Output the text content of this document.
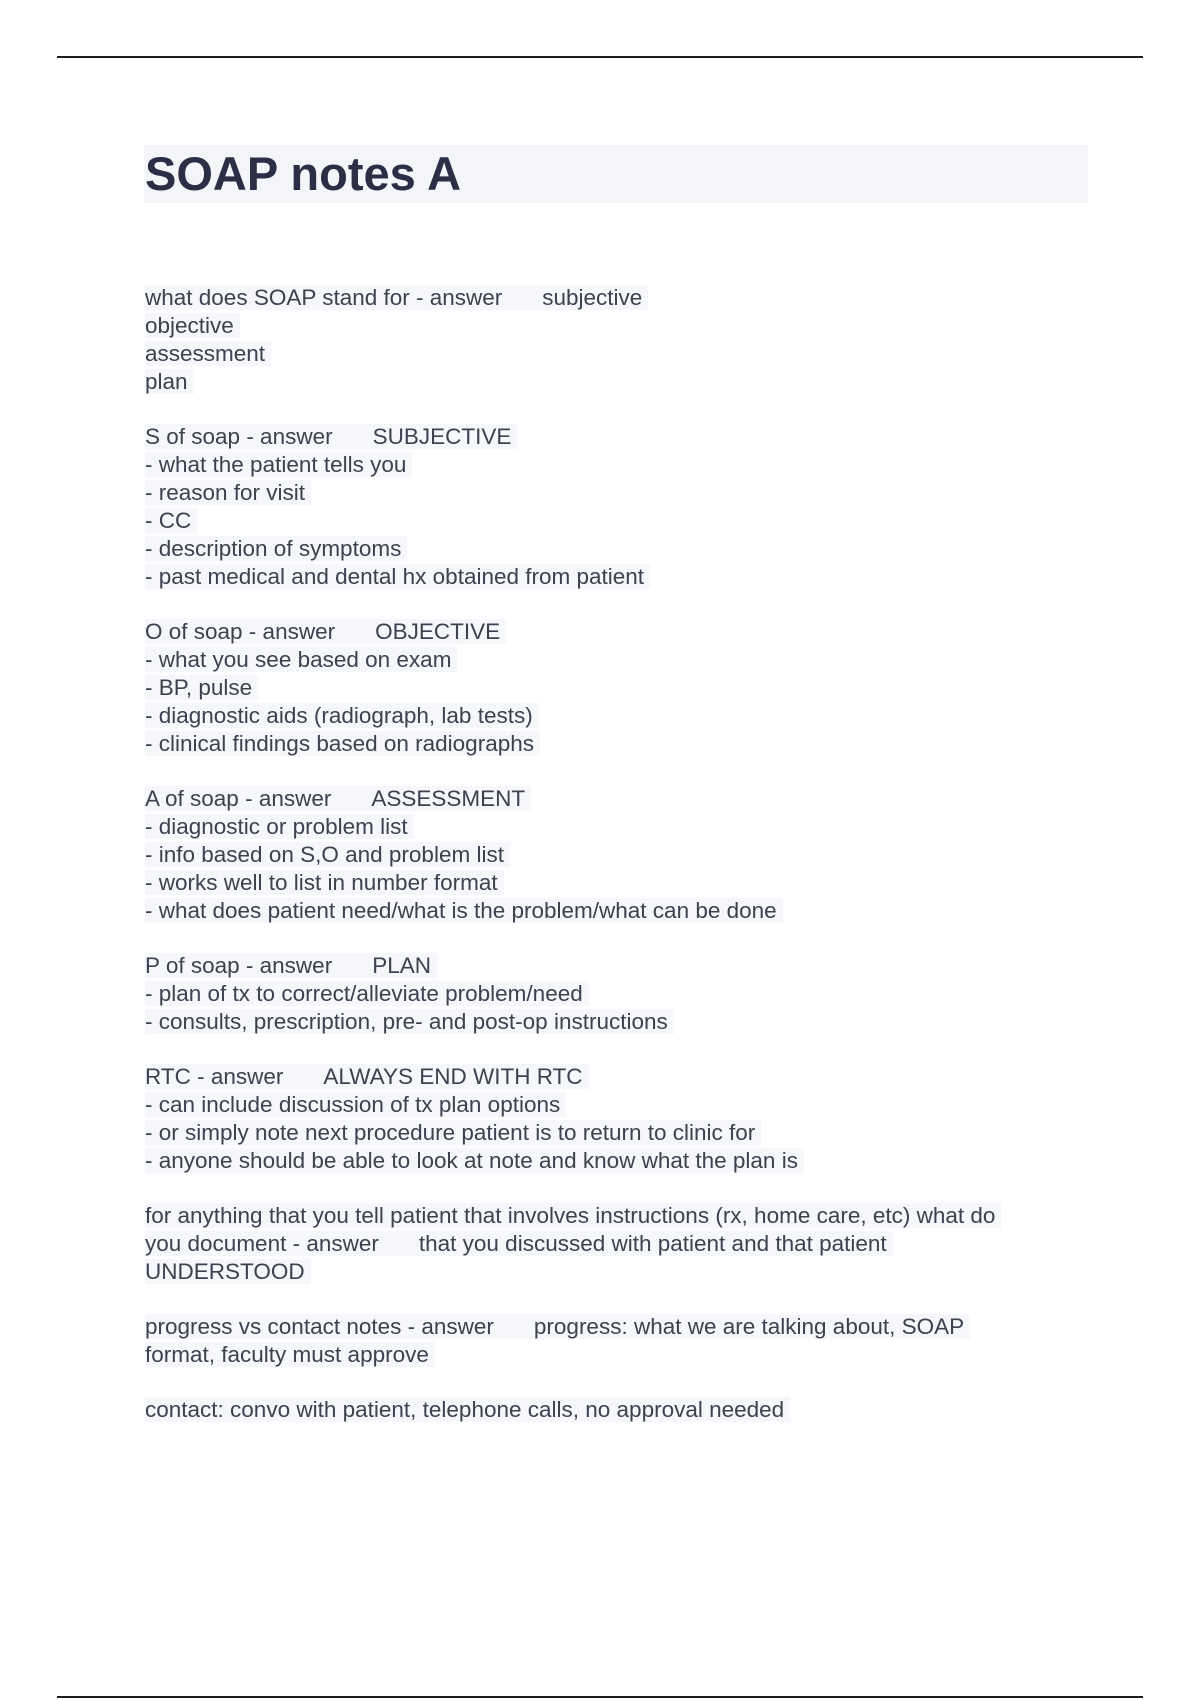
SOAP notes A
what does SOAP stand for - answer subjective
objective
assessment
plan
S of soap - answer SUBJECTIVE
- what the patient tells you
- reason for visit
- CC
- description of symptoms
- past medical and dental hx obtained from patient
O of soap - answer OBJECTIVE
- what you see based on exam
- BP, pulse
- diagnostic aids (radiograph, lab tests)
- clinical findings based on radiographs
A of soap - answer ASSESSMENT
- diagnostic or problem list
- info based on S,O and problem list
- works well to list in number format
- what does patient need/what is the problem/what can be done
P of soap - answer PLAN
- plan of tx to correct/alleviate problem/need
- consults, prescription, pre- and post-op instructions
RTC - answer ALWAYS END WITH RTC
- can include discussion of tx plan options
- or simply note next procedure patient is to return to clinic for
- anyone should be able to look at note and know what the plan is
for anything that you tell patient that involves instructions (rx, home care, etc) what do
you document - answer that you discussed with patient and that patient
UNDERSTOOD
progress vs contact notes - answer progress: what we are talking about, SOAP
format, faculty must approve
contact: convo with patient, telephone calls, no approval needed
